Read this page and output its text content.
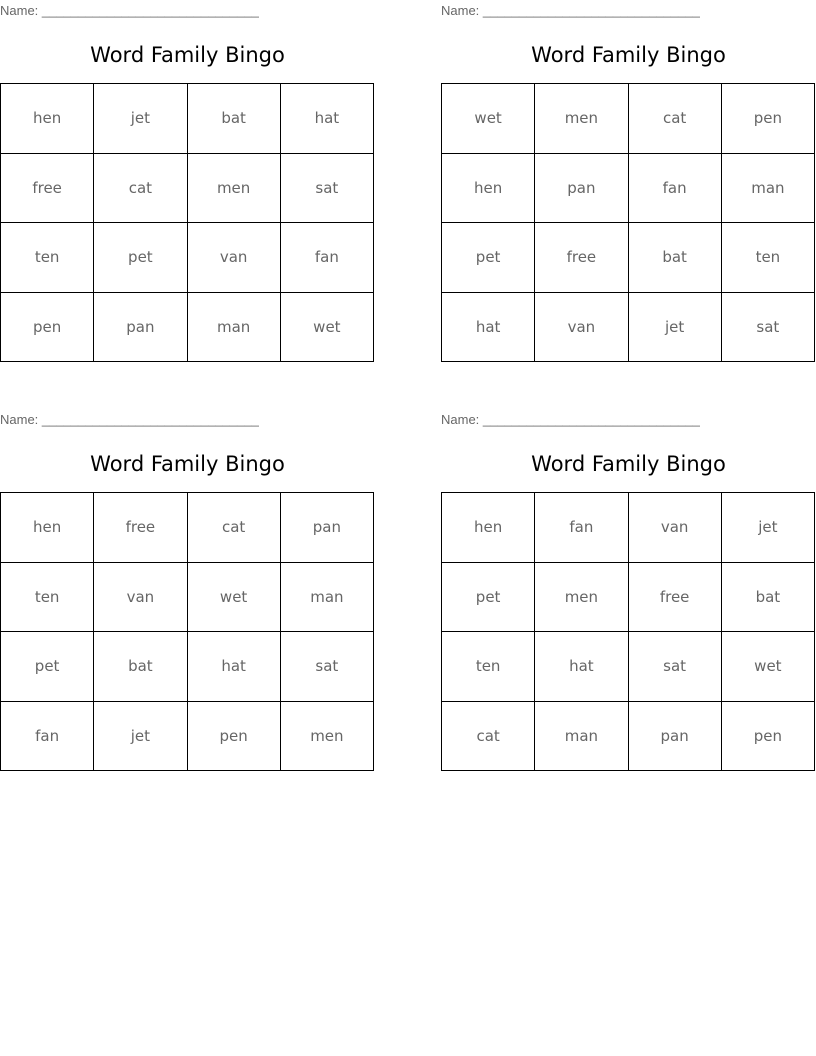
Name: ______________________________
Word Family Bingo
hen	jet	bat	hat
free	cat	men	sat
ten	pet	van	fan
pen	pan	man	wet
Name: ______________________________
Word Family Bingo
wet	men	cat	pen
hen	pan	fan	man
pet	free	bat	ten
hat	van	jet	sat
Name: ______________________________
Word Family Bingo
hen	free	cat	pan
ten	van	wet	man
pet	bat	hat	sat
fan	jet	pen	men
Name: ______________________________
Word Family Bingo
hen	fan	van	jet
pet	men	free	bat
ten	hat	sat	wet
cat	man	pan	pen
